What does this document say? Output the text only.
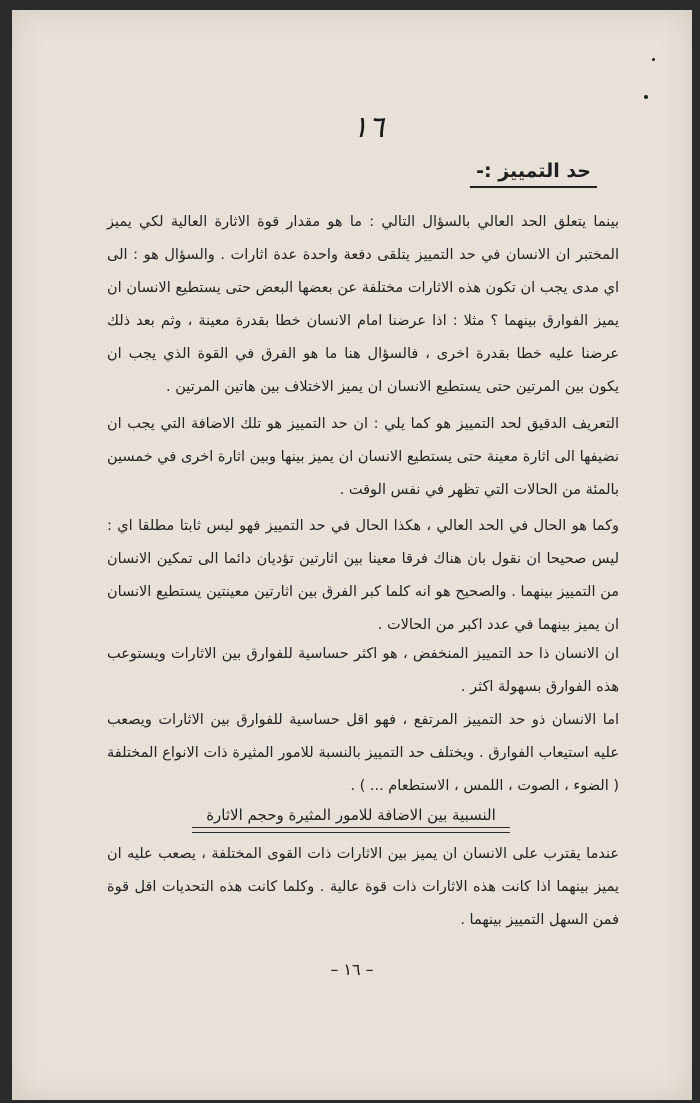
١٦
حد التمييز :-
بينما يتعلق الحد العالي بالسؤال التالي : ما هو مقدار قوة الاثارة العالية لكي يميز المختبر ان الانسان في حد التمييز يتلقى دفعة واحدة عدة اثارات . والسؤال هو : الى اي مدى يجب ان تكون هذه الاثارات مختلفة عن بعضها البعض حتى يستطيع الانسان ان يميز الفوارق بينهما ؟ مثلا : اذا عرضنا امام الانسان خطا بقدرة معينة ، وثم بعد ذلك عرضنا عليه خطا بقدرة اخرى ، فالسؤال هنا ما هو الفرق في القوة الذي يجب ان يكون بين المرتين حتى يستطيع الانسان ان يميز الاختلاف بين هاتين المرتين .
التعريف الدقيق لحد التمييز هو كما يلي : ان حد التمييز هو تلك الاضافة التي يجب ان نضيفها الى اثارة معينة حتى يستطيع الانسان ان يميز بينها وبين اثارة اخرى في خمسين بالمئة من الحالات التي تظهر في نفس الوقت .
وكما هو الحال في الحد العالي ، هكذا الحال في حد التمييز فهو ليس ثابتا مطلقا اي : ليس صحيحا ان نقول بان هناك فرقا معينا بين اثارتين تؤديان دائما الى تمكين الانسان من التمييز بينهما . والصحيح هو انه كلما كبر الفرق بين اثارتين معينتين يستطيع الانسان ان يميز بينهما في عدد اكبر من الحالات .
ان الانسان ذا حد التمييز المنخفض ، هو اكثر حساسية للفوارق بين الاثارات ويستوعب هذه الفوارق بسهولة اكثر .
اما الانسان ذو حد التمييز المرتفع ، فهو اقل حساسية للفوارق بين الاثارات ويصعب عليه استيعاب الفوارق . ويختلف حد التمييز بالنسبة للامور المثيرة ذات الانواع المختلفة ( الضوء ، الصوت ، اللمس ، الاستطعام ... ) .
النسبية بين الاضافة للامور المثيرة وحجم الاثارة
عندما يقترب على الانسان ان يميز بين الاثارات ذات القوى المختلفة ، يصعب عليه ان يميز بينهما اذا كانت هذه الاثارات ذات قوة عالية . وكلما كانت هذه التحديات اقل قوة فمن السهل التمييز بينهما .
– ١٦ –
